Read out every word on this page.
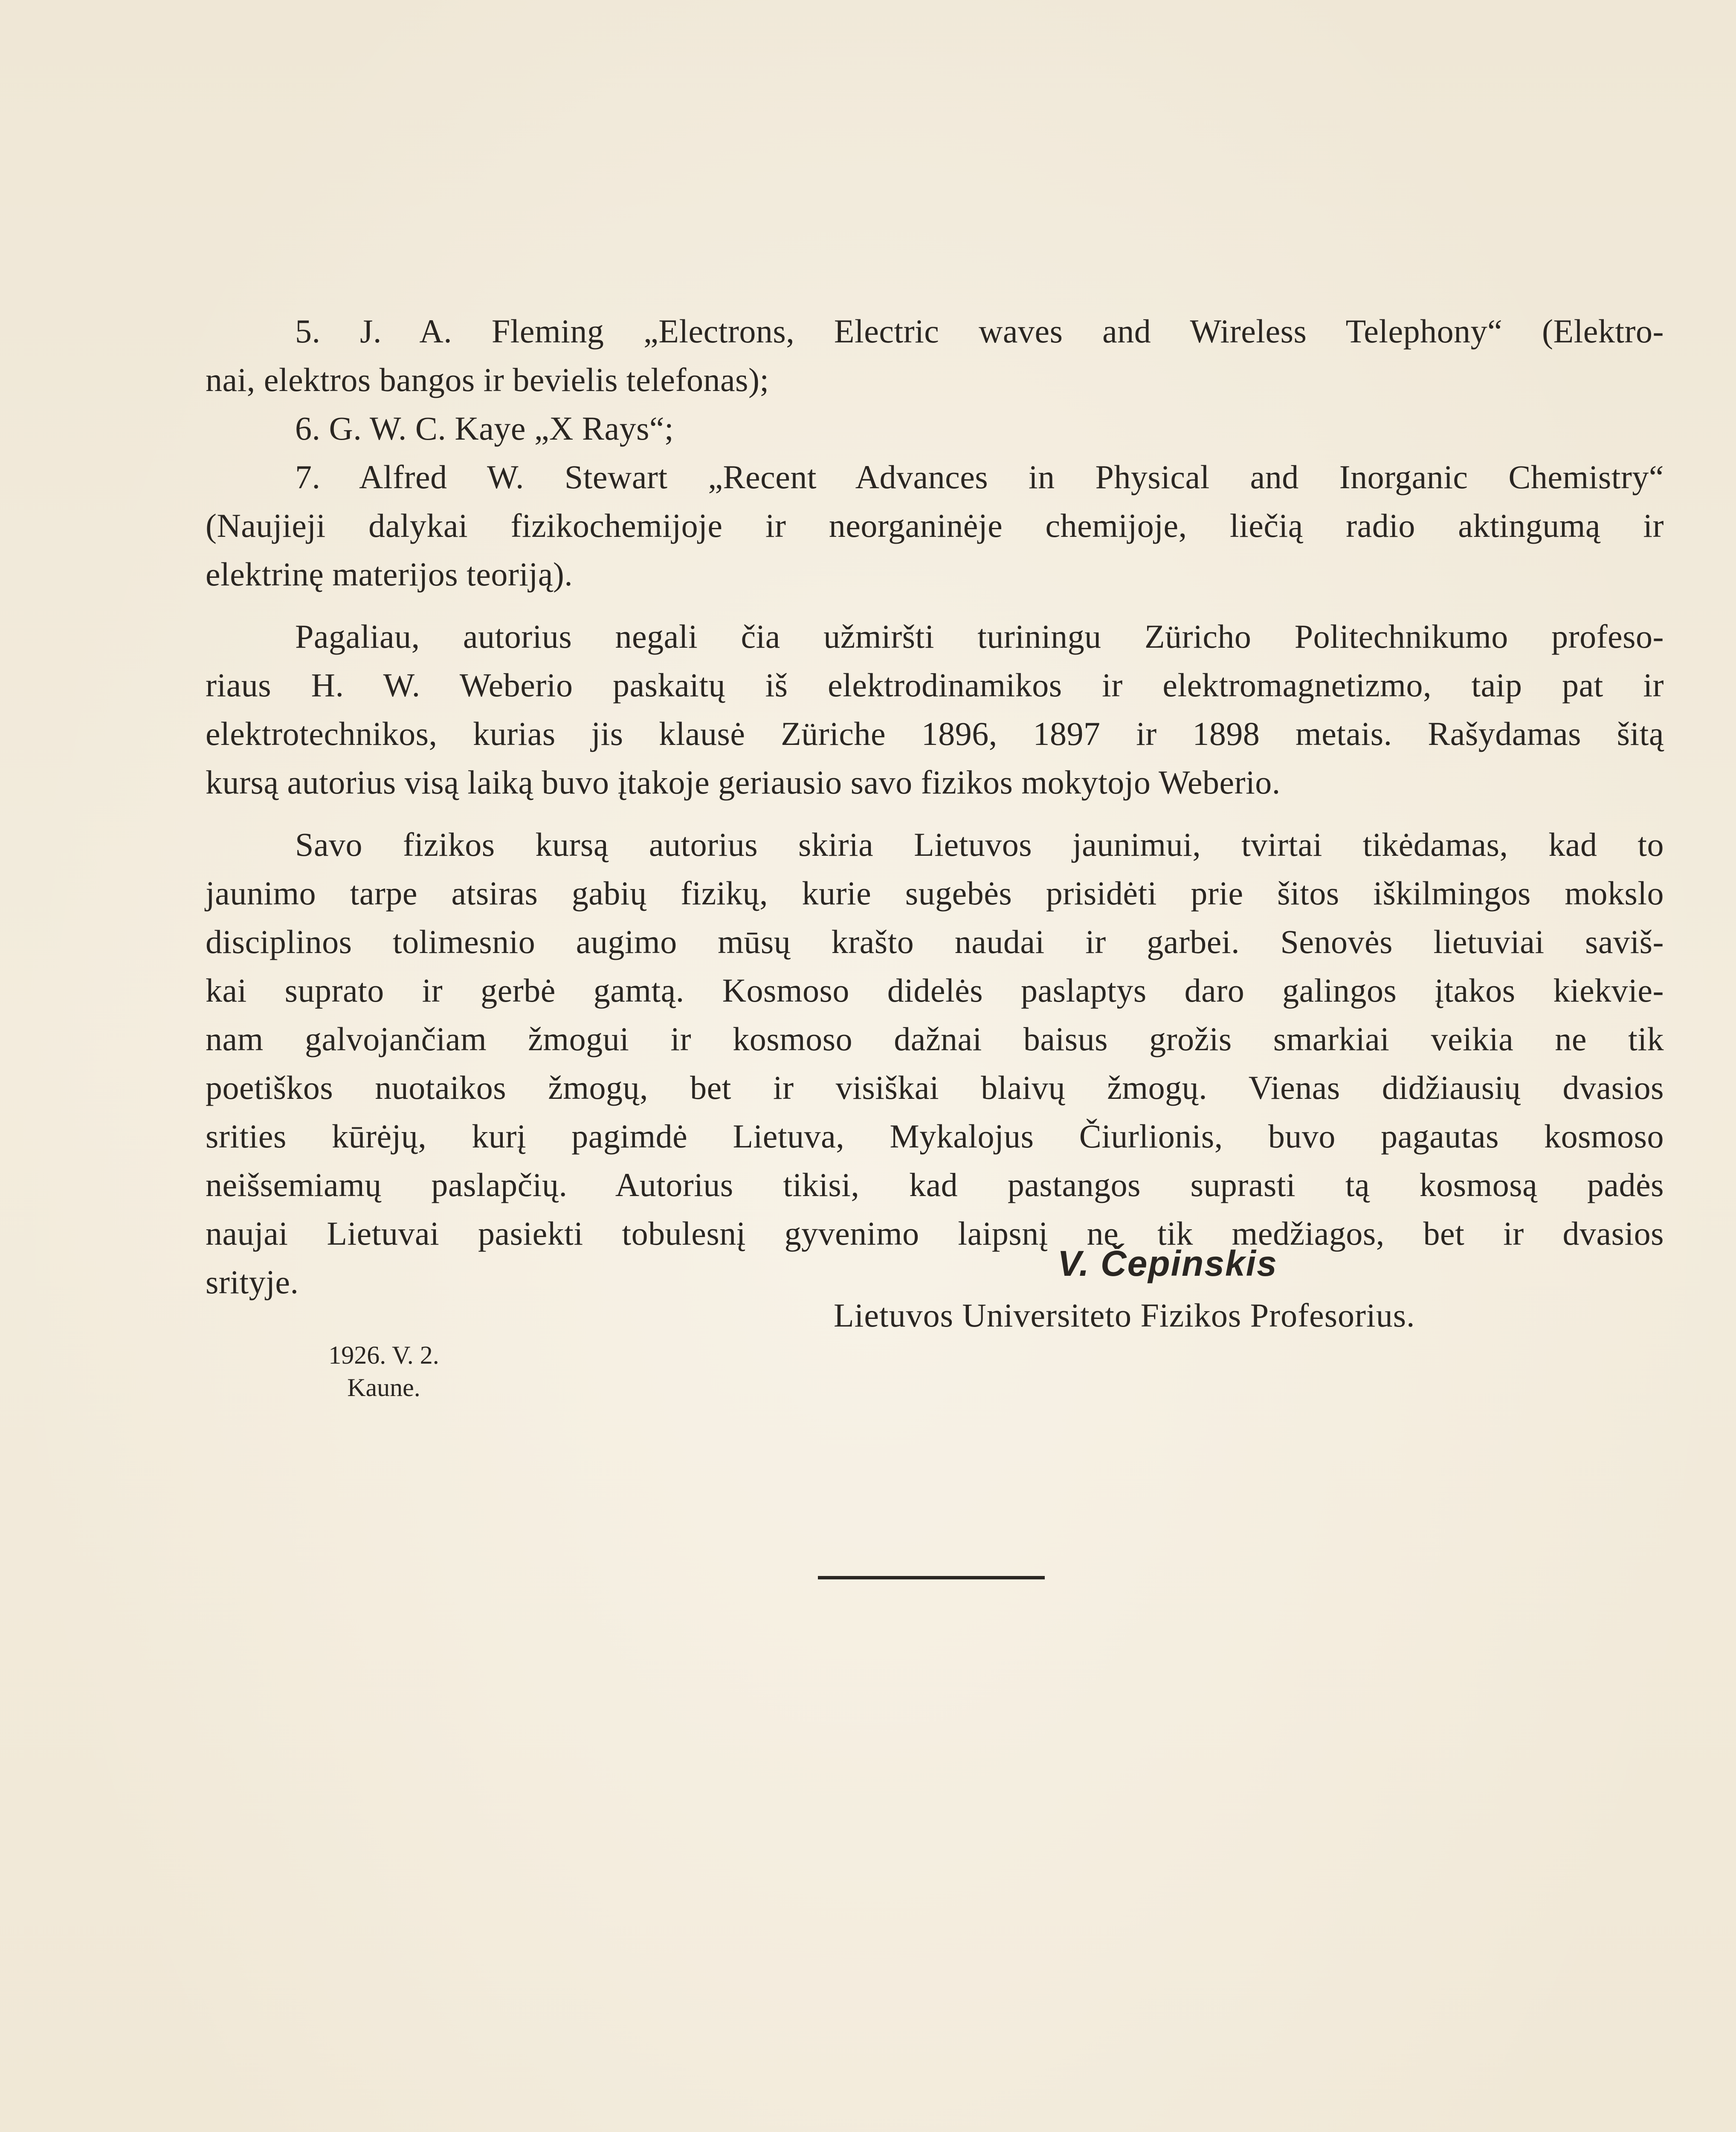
5. J. A. Fleming „Electrons, Electric waves and Wireless Telephony“ (Elektro-
nai, elektros bangos ir bevielis telefonas);
6. G. W. C. Kaye „X Rays“;
7. Alfred W. Stewart „Recent Advances in Physical and Inorganic Chemistry“
(Naujieji dalykai fizikochemijoje ir neorganinėje chemijoje, liečią radio aktingumą ir
elektrinę materijos teoriją).
Pagaliau, autorius negali čia užmiršti turiningu Züricho Politechnikumo profeso-
riaus H. W. Weberio paskaitų iš elektrodinamikos ir elektromagnetizmo, taip pat ir
elektrotechnikos, kurias jis klausė Züriche 1896, 1897 ir 1898 metais. Rašydamas šitą
kursą autorius visą laiką buvo įtakoje geriausio savo fizikos mokytojo Weberio.
Savo fizikos kursą autorius skiria Lietuvos jaunimui, tvirtai tikėdamas, kad to
jaunimo tarpe atsiras gabių fizikų, kurie sugebės prisidėti prie šitos iškilmingos mokslo
disciplinos tolimesnio augimo mūsų krašto naudai ir garbei. Senovės lietuviai saviš-
kai suprato ir gerbė gamtą. Kosmoso didelės paslaptys daro galingos įtakos kiekvie-
nam galvojančiam žmogui ir kosmoso dažnai baisus grožis smarkiai veikia ne tik
poetiškos nuotaikos žmogų, bet ir visiškai blaivų žmogų. Vienas didžiausių dvasios
srities kūrėjų, kurį pagimdė Lietuva, Mykalojus Čiurlionis, buvo pagautas kosmoso
neišsemiamų paslapčių. Autorius tikisi, kad pastangos suprasti tą kosmosą padės
naujai Lietuvai pasiekti tobulesnį gyvenimo laipsnį ne tik medžiagos, bet ir dvasios
srityje.	V. Čepinskis
Lietuvos Universiteto Fizikos Profesorius.
1926. V. 2.
Kaune.
